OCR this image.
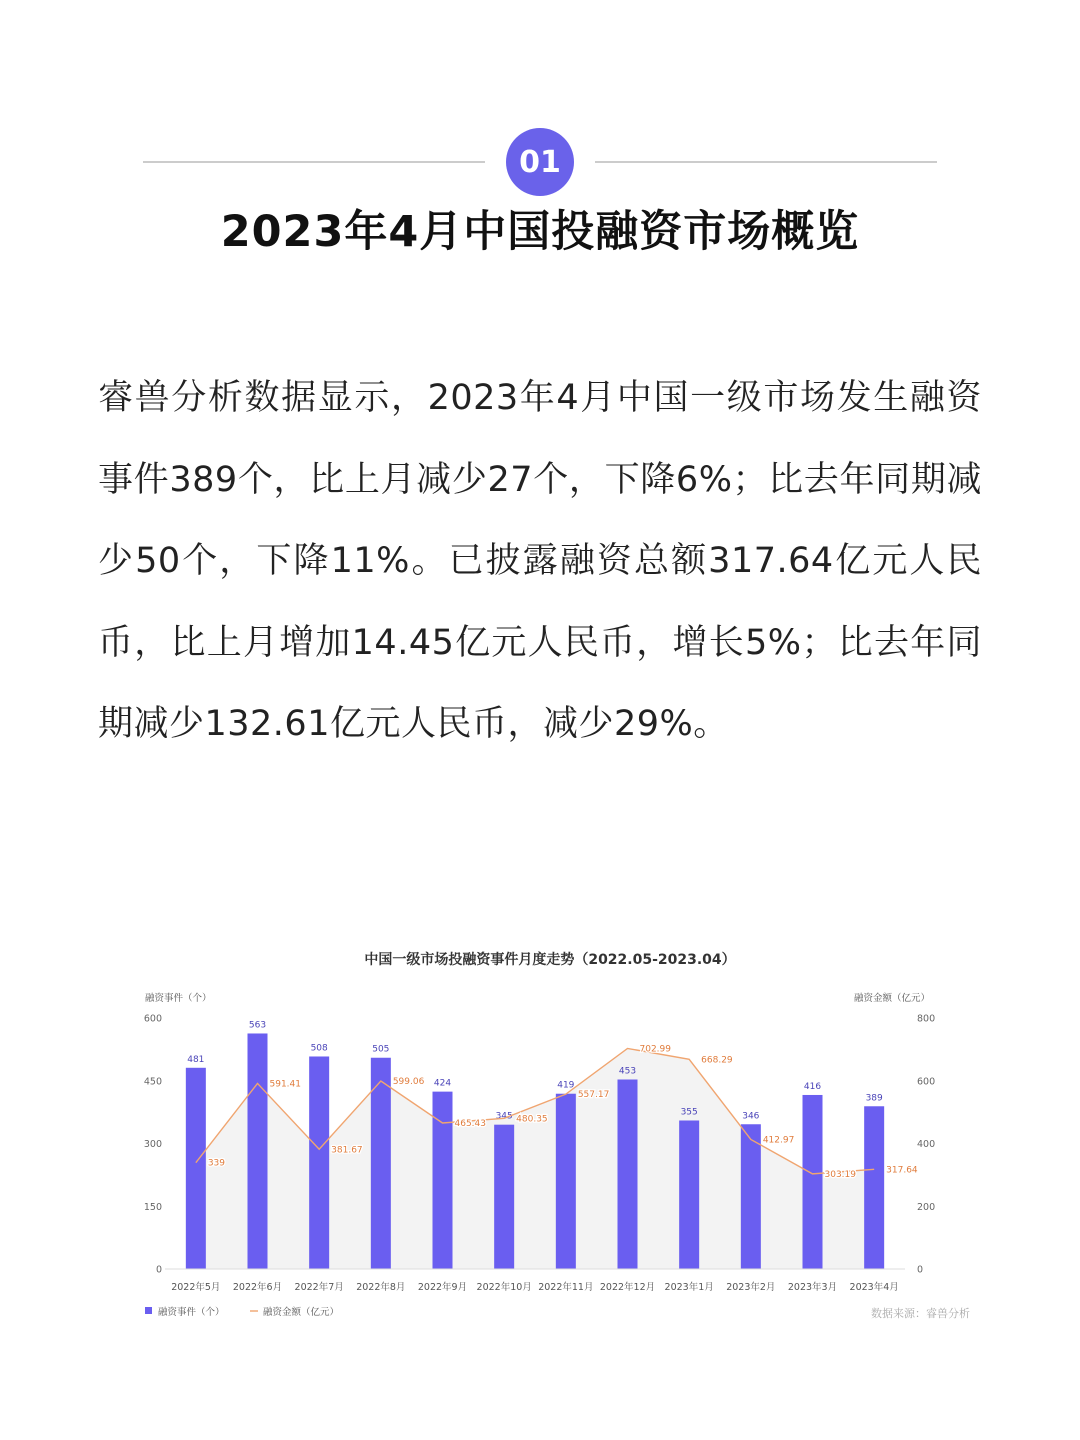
01
2023年4月中国投融资市场概览

睿兽分析数据显示，2023年4月中国一级市场发生融资事件389个，比上月减少27个，下降6%；比去年同期减少50个，下降11%。已披露融资总额317.64亿元人民币，比上月增加14.45亿元人民币，增长5%；比去年同期减少132.61亿元人民币，减少29%。

中国一级市场投融资事件月度走势（2022.05-2023.04）
融资事件（个）	融资金额（亿元）
0
150
300
450
600
0
200
400
600
800
481
563
508	505
424
345
419
453
355	346
416
389
339
591.41
381.67
599.06
465.43	480.35
557.17
702.99
668.29
412.97
303.19	317.64
2022年5月 2022年6月 2022年7月 2022年8月 2022年9月 2022年10月 2022年11月 2022年12月 2023年1月 2023年2月 2023年3月 2023年4月
融资事件（个）	融资金额（亿元）	数据来源：睿兽分析
